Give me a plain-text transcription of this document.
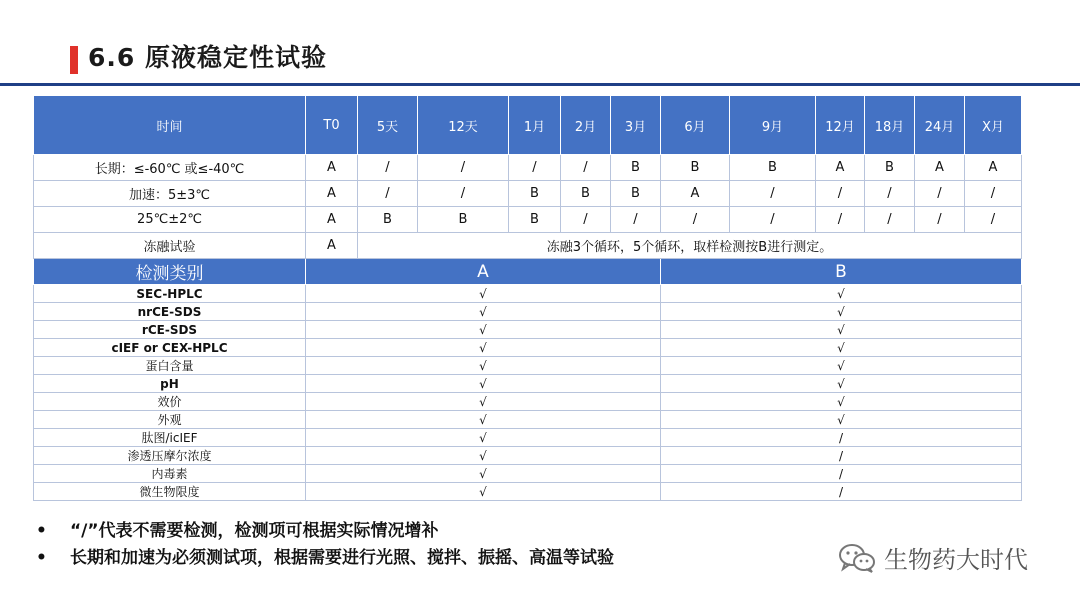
6.6 原液稳定性试验
时间	T0	5天	12天	1月	2月	3月	6月	9月	12月	18月	24月	X月
长期：≤-60℃ 或≤-40℃	A	/	/	/	/	B	B	B	A	B	A	A
加速：5±3℃	A	/	/	B	B	B	A	/	/	/	/	/
25℃±2℃	A	B	B	B	/	/	/	/	/	/	/	/
冻融试验	A	冻融3个循环，5个循环，取样检测按B进行测定。										
检测类别	A						B					
SEC-HPLC	√						√					
nrCE-SDS	√						√					
rCE-SDS	√						√					
cIEF or CEX-HPLC	√						√					
蛋白含量	√						√					
pH	√						√					
效价	√						√					
外观	√						√					
肽图/icIEF	√						/					
渗透压摩尔浓度	√						/					
内毒素	√						/					
微生物限度	√						/					
• “/”代表不需要检测，检测项可根据实际情况增补
• 长期和加速为必须测试项，根据需要进行光照、搅拌、振摇、高温等试验	生物药大时代
